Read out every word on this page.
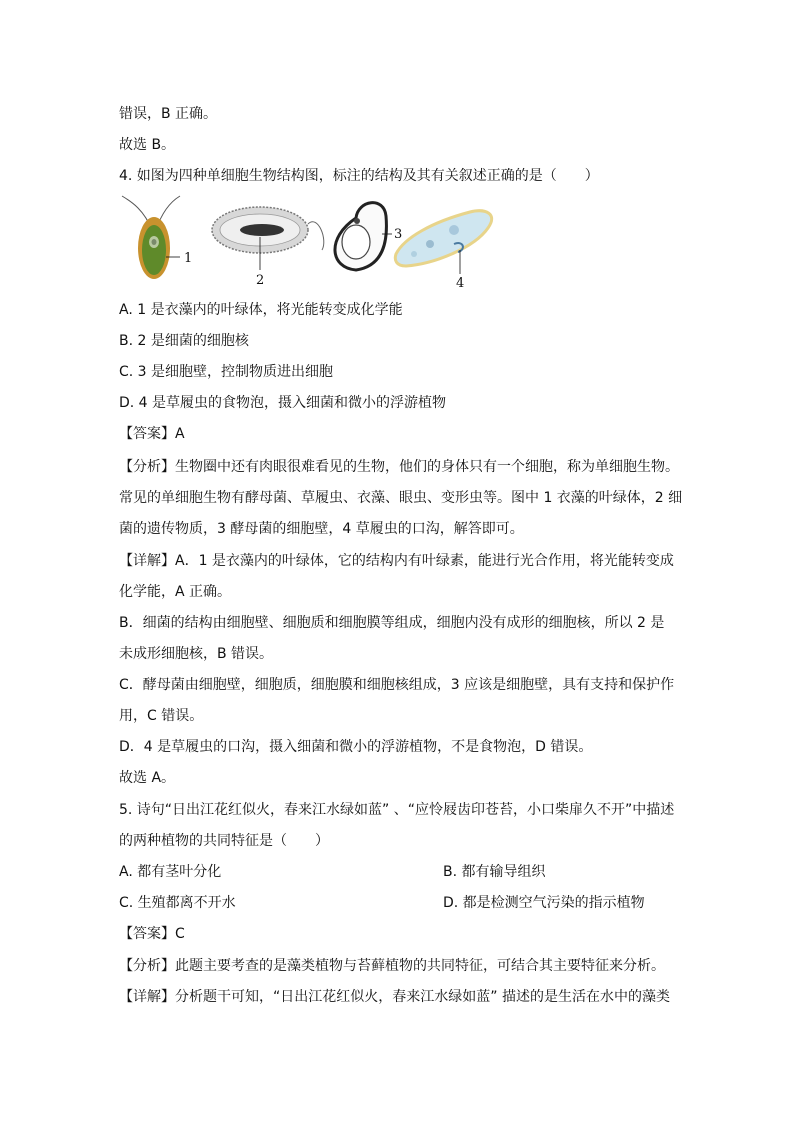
错误，B 正确。
故选 B。
4. 如图为四种单细胞生物结构图，标注的结构及其有关叙述正确的是（　　）
1
2
3
4
A. 1 是衣藻内的叶绿体，将光能转变成化学能
B. 2 是细菌的细胞核
C. 3 是细胞壁，控制物质进出细胞
D. 4 是草履虫的食物泡，摄入细菌和微小的浮游植物
【答案】A
【分析】生物圈中还有肉眼很难看见的生物，他们的身体只有一个细胞，称为单细胞生物。
常见的单细胞生物有酵母菌、草履虫、衣藻、眼虫、变形虫等。图中 1 衣藻的叶绿体，2 细
菌的遗传物质，3 酵母菌的细胞壁，4 草履虫的口沟，解答即可。
【详解】A．1 是衣藻内的叶绿体，它的结构内有叶绿素，能进行光合作用，将光能转变成
化学能，A 正确。
B．细菌的结构由细胞壁、细胞质和细胞膜等组成，细胞内没有成形的细胞核，所以 2 是
未成形细胞核，B 错误。
C．酵母菌由细胞壁，细胞质，细胞膜和细胞核组成，3 应该是细胞壁，具有支持和保护作
用，C 错误。
D．4 是草履虫的口沟，摄入细菌和微小的浮游植物，不是食物泡，D 错误。
故选 A。
5. 诗句“日出江花红似火，春来江水绿如蓝” 、“应怜屐齿印苍苔，小口柴扉久不开”中描述
的两种植物的共同特征是（　　）
A. 都有茎叶分化	B. 都有输导组织
C. 生殖都离不开水	D. 都是检测空气污染的指示植物
【答案】C
【分析】此题主要考查的是藻类植物与苔藓植物的共同特征，可结合其主要特征来分析。
【详解】分析题干可知，“日出江花红似火，春来江水绿如蓝” 描述的是生活在水中的藻类
